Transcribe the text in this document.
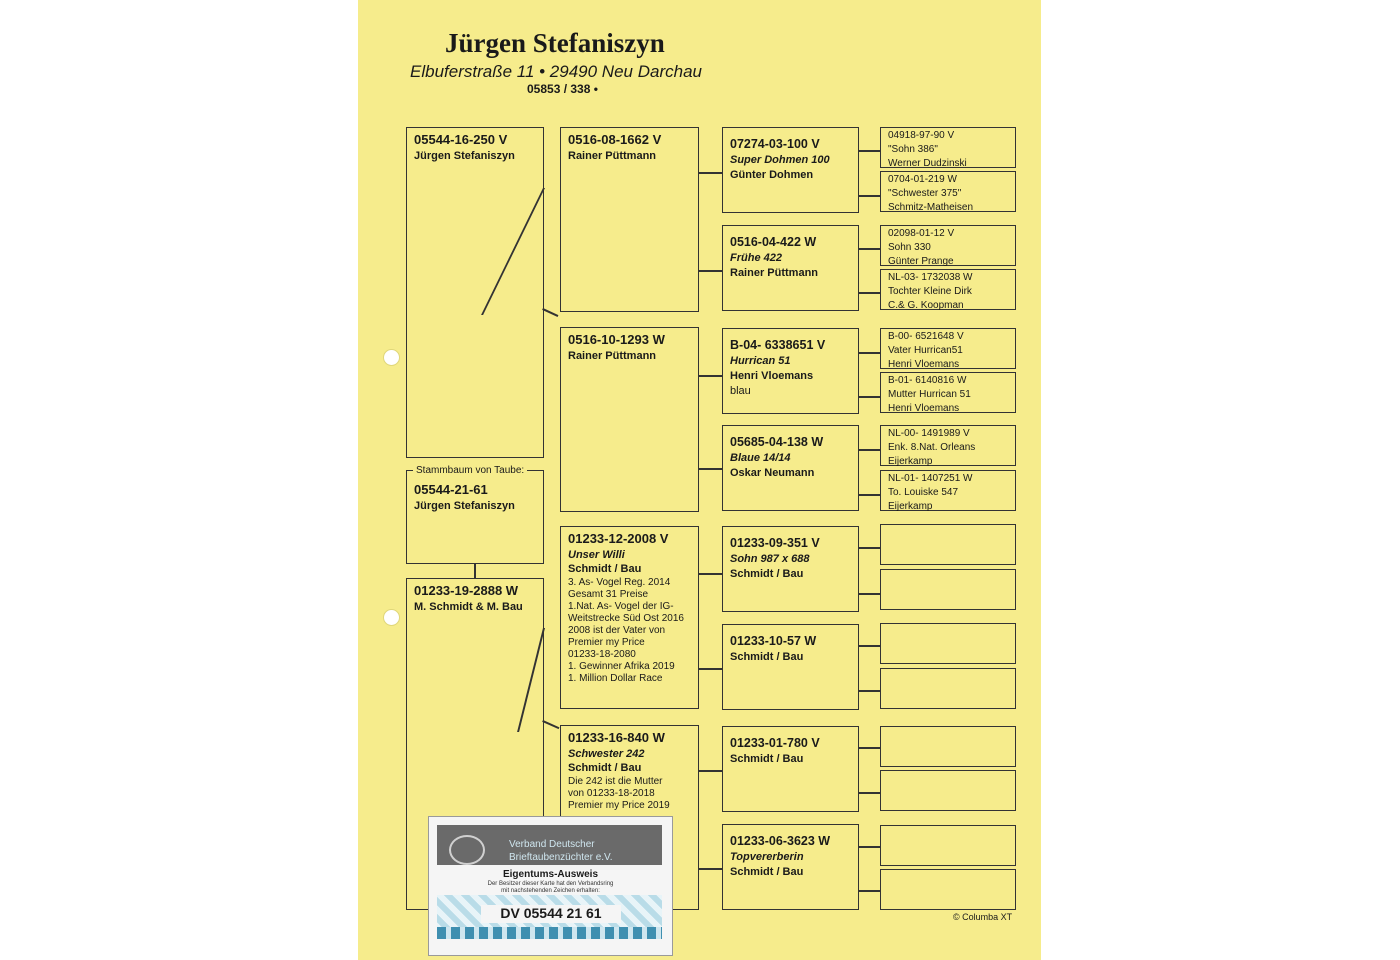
Jürgen Stefaniszyn
Elbuferstraße 11 • 29490 Neu Darchau
05853 / 338 •
05544-16-250 V
Jürgen Stefaniszyn
Stammbaum von Taube:
05544-21-61
Jürgen Stefaniszyn
01233-19-2888 W
M. Schmidt & M. Bau
0516-08-1662 V
Rainer Püttmann
0516-10-1293 W
Rainer Püttmann
01233-12-2008 V
Unser Willi
Schmidt / Bau
3. As- Vogel Reg. 2014
Gesamt 31 Preise
1.Nat. As- Vogel der IG-
Weitstrecke Süd Ost 2016
2008 ist der Vater von
Premier my Price
01233-18-2080
1. Gewinner Afrika 2019
1. Million Dollar Race
01233-16-840 W
Schwester 242
Schmidt / Bau
Die 242 ist die Mutter
von 01233-18-2018
Premier my Price 2019
07274-03-100 V
Super Dohmen 100
Günter Dohmen
0516-04-422 W
Frühe 422
Rainer Püttmann
B-04- 6338651 V
Hurrican 51
Henri Vloemans
blau
05685-04-138 W
Blaue 14/14
Oskar Neumann
01233-09-351 V
Sohn 987 x 688
Schmidt / Bau
01233-10-57 W
Schmidt / Bau
01233-01-780 V
Schmidt / Bau
01233-06-3623 W
Topvererberin
Schmidt / Bau
04918-97-90 V
"Sohn 386"
Werner Dudzinski
0704-01-219 W
"Schwester 375"
Schmitz-Matheisen
02098-01-12 V
Sohn 330
Günter Prange
NL-03- 1732038 W
Tochter Kleine Dirk
C.& G. Koopman
B-00- 6521648 V
Vater Hurrican51
Henri Vloemans
B-01- 6140816 W
Mutter Hurrican 51
Henri Vloemans
NL-00- 1491989 V
Enk. 8.Nat. Orleans
Eijerkamp
NL-01- 1407251 W
To. Louiske 547
Eijerkamp
© Columba XT
Verband Deutscher
Brieftaubenzüchter e.V.
Eigentums-Ausweis
Der Besitzer dieser Karte hat den Verbandsring
mit nachstehenden Zeichen erhalten:
DV 05544 21 61
